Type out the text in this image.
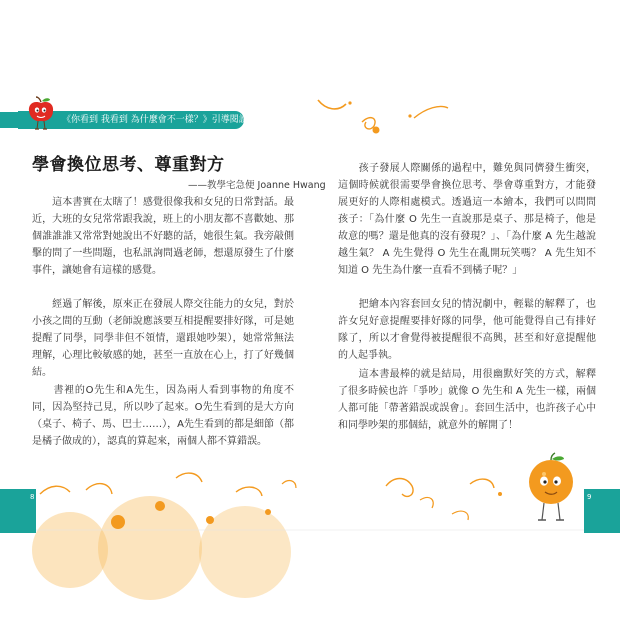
《你看到 我看到 為什麼會不一樣？》引導閱讀
學會換位思考、尊重對方
——教學宅急便 Joanne Hwang

　　這本書實在太瞎了！感覺很像我和女兒的日常對話。最近，大班的女兒常常跟我說，班上的小朋友都不喜歡她、那個誰誰誰又常常對她說出不好聽的話，她很生氣。我旁敲側擊的問了一些問題，也私訊詢問過老師，想還原發生了什麼事件，讓她會有這樣的感覺。

　　經過了解後，原來正在發展人際交往能力的女兒，對於小孩之間的互動（老師說應該要互相提醒要排好隊，可是她提醒了同學，同學非但不領情，還跟她吵架），她常常無法理解，心理比較敏感的她，甚至一直放在心上，打了好幾個結。

　　書裡的O先生和A先生，因為兩人看到事物的角度不同，因為堅持己見，所以吵了起來。O先生看到的是大方向（桌子、椅子、馬、巴士……），A先生看到的都是細節（都是橘子做成的），認真的算起來，兩個人都不算錯誤。

　　孩子發展人際關係的過程中，難免與同儕發生衝突，這個時候就很需要學會換位思考、學會尊重對方，才能發展更好的人際相處模式。透過這一本繪本，我們可以問問孩子：「為什麼 O 先生一直說那是桌子、那是椅子，他是故意的嗎？還是他真的沒有發現？」、「為什麼 A 先生越說越生氣？ A 先生覺得 O 先生在亂開玩笑嗎？ A 先生知不知道 O 先生為什麼一直看不到橘子呢？」

　　把繪本內容套回女兒的情況劇中，輕鬆的解釋了，也許女兒好意提醒要排好隊的同學，他可能覺得自己有排好隊了，所以才會覺得被提醒很不高興，甚至和好意提醒他的人起爭執。

　　這本書最棒的就是結局，用很幽默好笑的方式，解釋了很多時候也許「爭吵」就像 O 先生和 A 先生一樣，兩個人都可能「帶著錯誤或誤會」。套回生活中，也許孩子心中和同學吵架的那個結，就意外的解開了！

8	9
